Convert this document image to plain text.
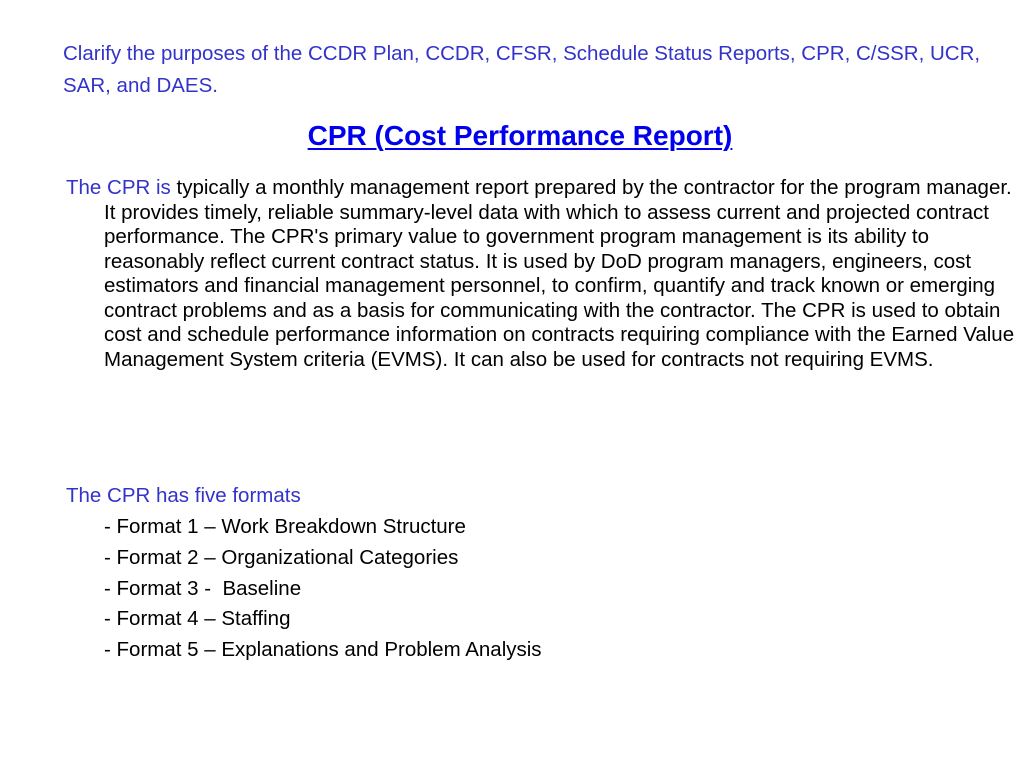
Clarify the purposes of the CCDR Plan, CCDR, CFSR, Schedule Status Reports, CPR, C/SSR, UCR, SAR, and DAES.

CPR (Cost Performance Report)

The CPR is typically a monthly management report prepared by the contractor for the program manager. It provides timely, reliable summary-level data with which to assess current and projected contract performance. The CPR's primary value to government program management is its ability to reasonably reflect current contract status. It is used by DoD program managers, engineers, cost estimators and financial management personnel, to confirm, quantify and track known or emerging contract problems and as a basis for communicating with the contractor. The CPR is used to obtain cost and schedule performance information on contracts requiring compliance with the Earned Value Management System criteria (EVMS). It can also be used for contracts not requiring EVMS.

The CPR has five formats

- Format 1 – Work Breakdown Structure
- Format 2 – Organizational Categories
- Format 3 -  Baseline
- Format 4 – Staffing
- Format 5 – Explanations and Problem Analysis
